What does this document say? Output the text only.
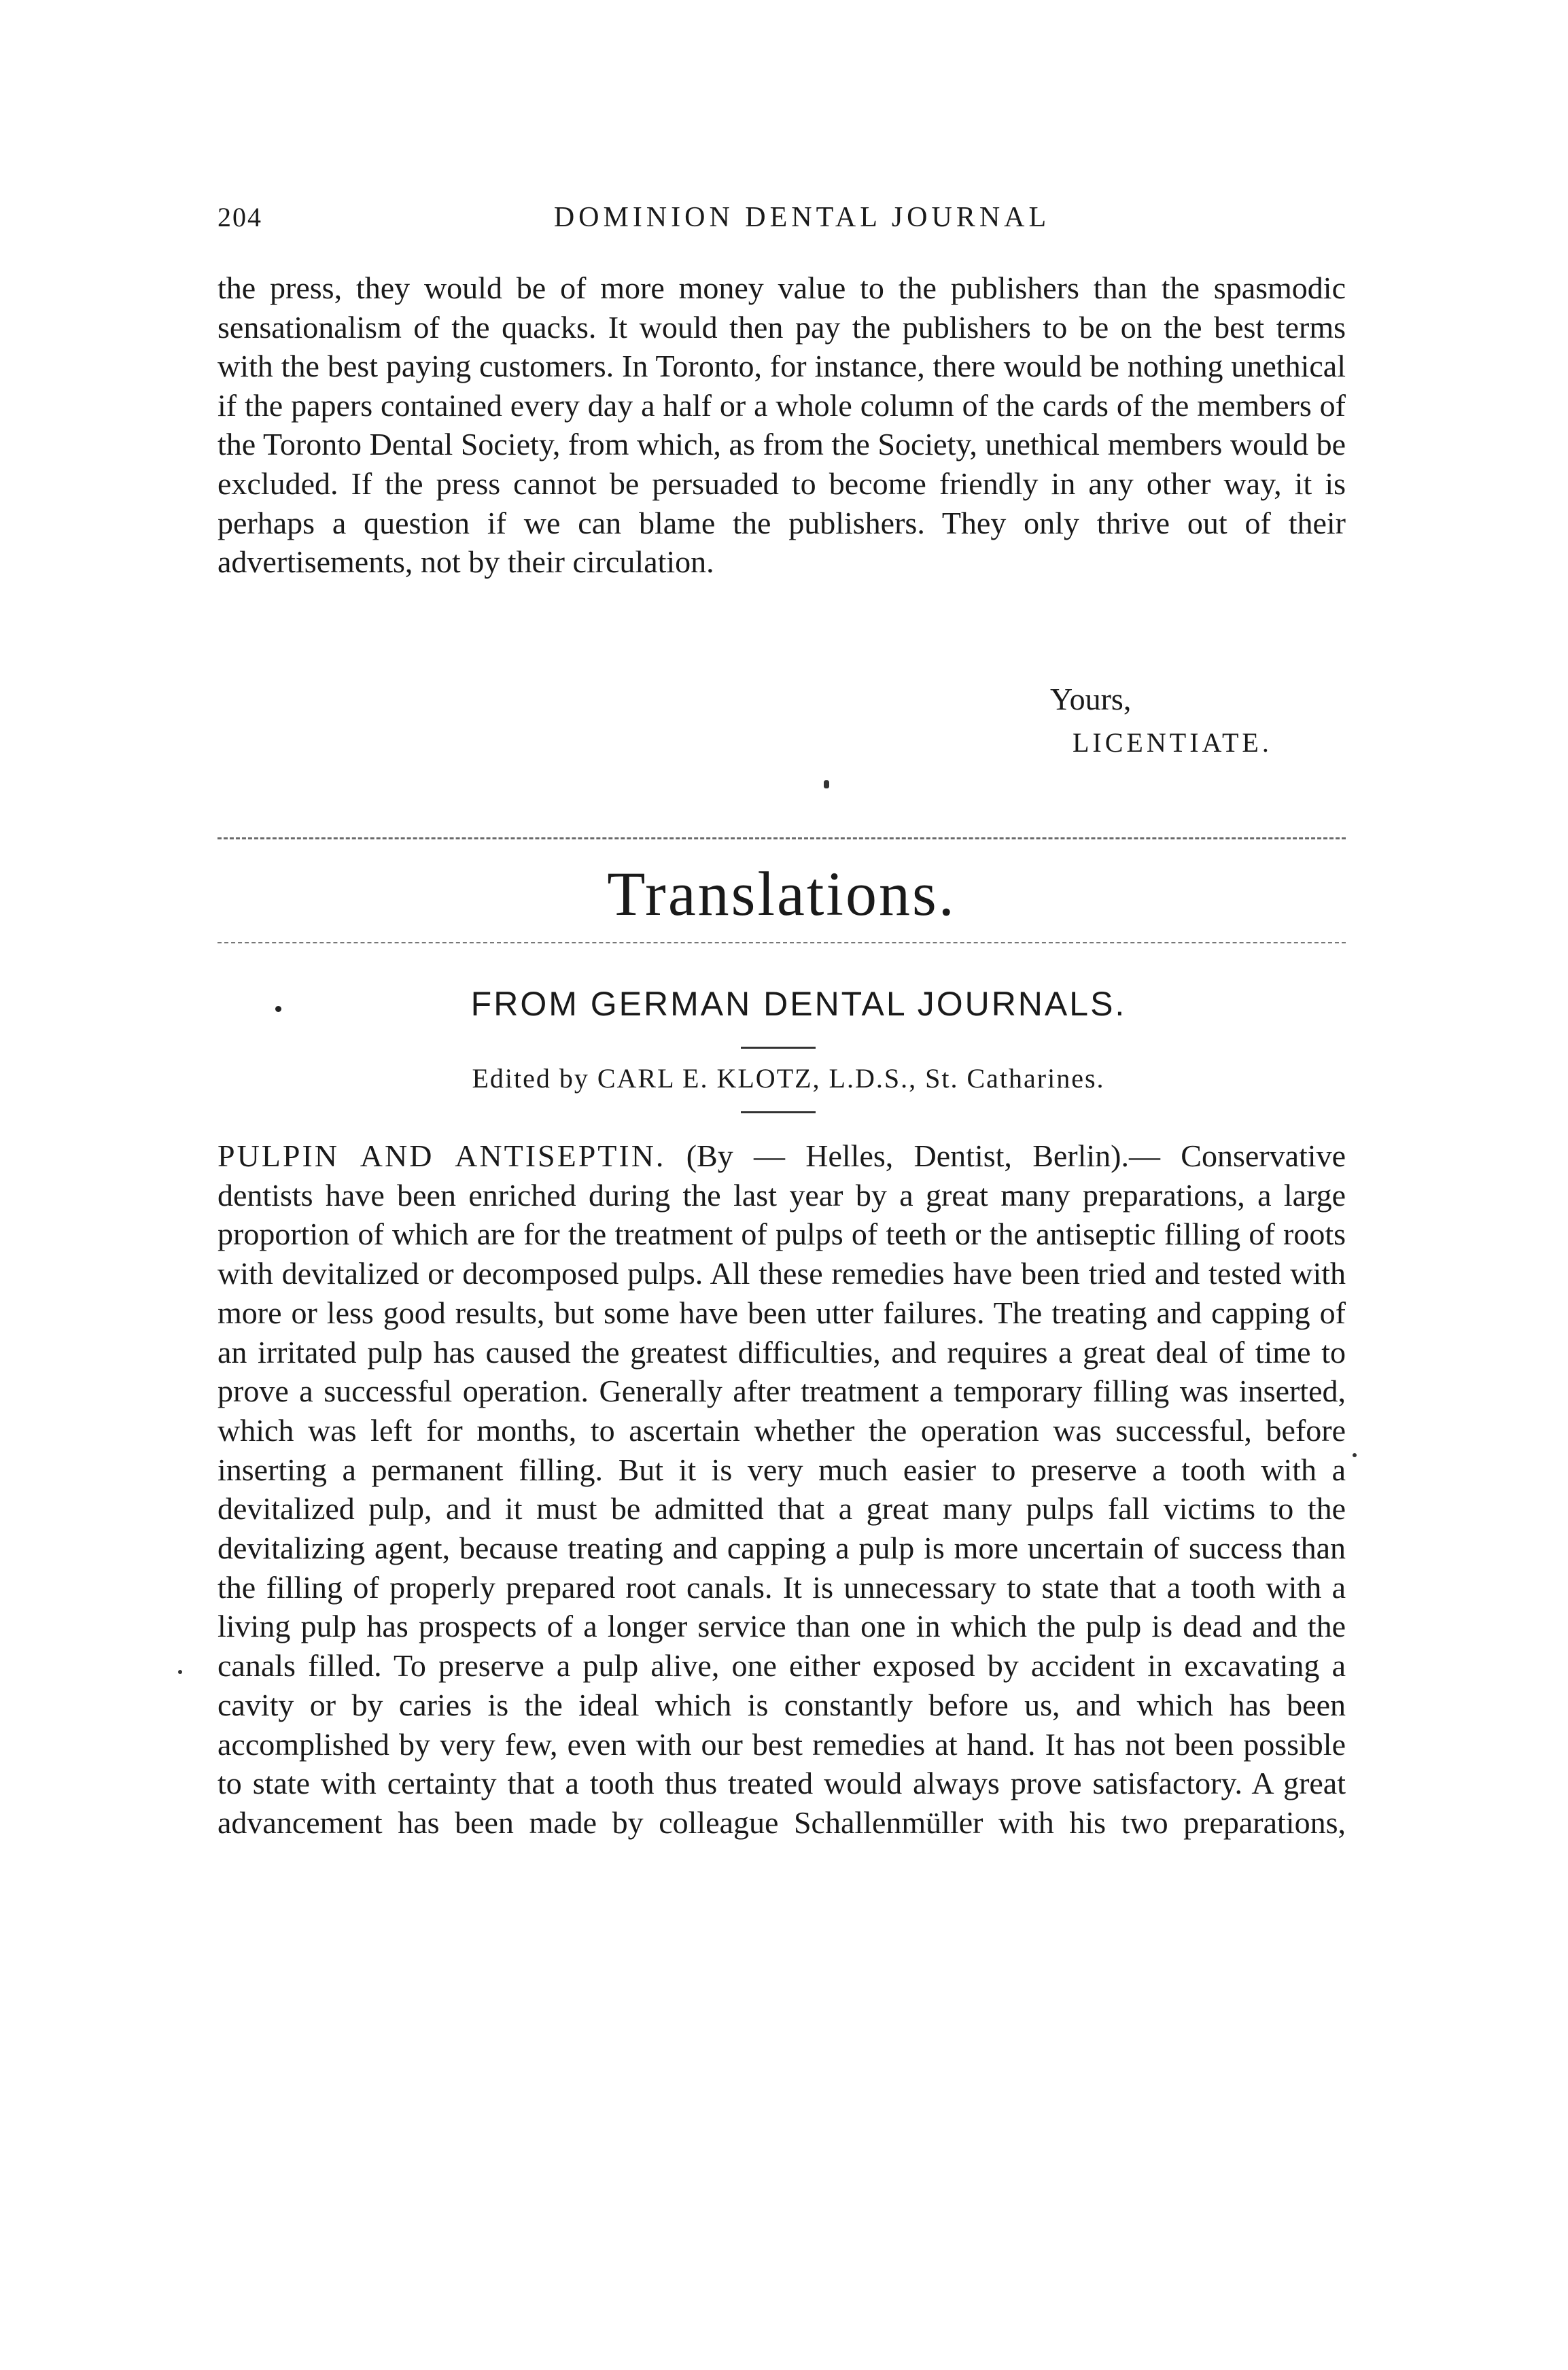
204	DOMINION DENTAL JOURNAL

the press, they would be of more money value to the publishers than the spasmodic sensationalism of the quacks. It would then pay the publishers to be on the best terms with the best paying customers. In Toronto, for instance, there would be nothing unethical if the papers contained every day a half or a whole column of the cards of the members of the Toronto Dental Society, from which, as from the Society, unethical members would be excluded. If the press cannot be persuaded to become friendly in any other way, it is perhaps a question if we can blame the publishers. They only thrive out of their advertisements, not by their circulation.

Yours,
LICENTIATE.
Translations.
FROM GERMAN DENTAL JOURNALS.
Edited by CARL E. KLOTZ, L.D.S., St. Catharines.

PULPIN AND ANTISEPTIN. (By — Helles, Dentist, Berlin).— Conservative dentists have been enriched during the last year by a great many preparations, a large proportion of which are for the treatment of pulps of teeth or the antiseptic filling of roots with devitalized or decomposed pulps. All these remedies have been tried and tested with more or less good results, but some have been utter failures. The treating and capping of an irritated pulp has caused the greatest difficulties, and requires a great deal of time to prove a successful operation. Generally after treatment a temporary filling was inserted, which was left for months, to ascertain whether the operation was successful, before inserting a permanent filling. But it is very much easier to preserve a tooth with a devitalized pulp, and it must be admitted that a great many pulps fall victims to the devitalizing agent, because treating and capping a pulp is more uncertain of success than the filling of properly prepared root canals. It is unnecessary to state that a tooth with a living pulp has prospects of a longer service than one in which the pulp is dead and the canals filled. To preserve a pulp alive, one either exposed by accident in excavating a cavity or by caries is the ideal which is constantly before us, and which has been accomplished by very few, even with our best remedies at hand. It has not been possible to state with certainty that a tooth thus treated would always prove satisfactory. A great advancement has been made by colleague Schallenmüller with his two preparations,
